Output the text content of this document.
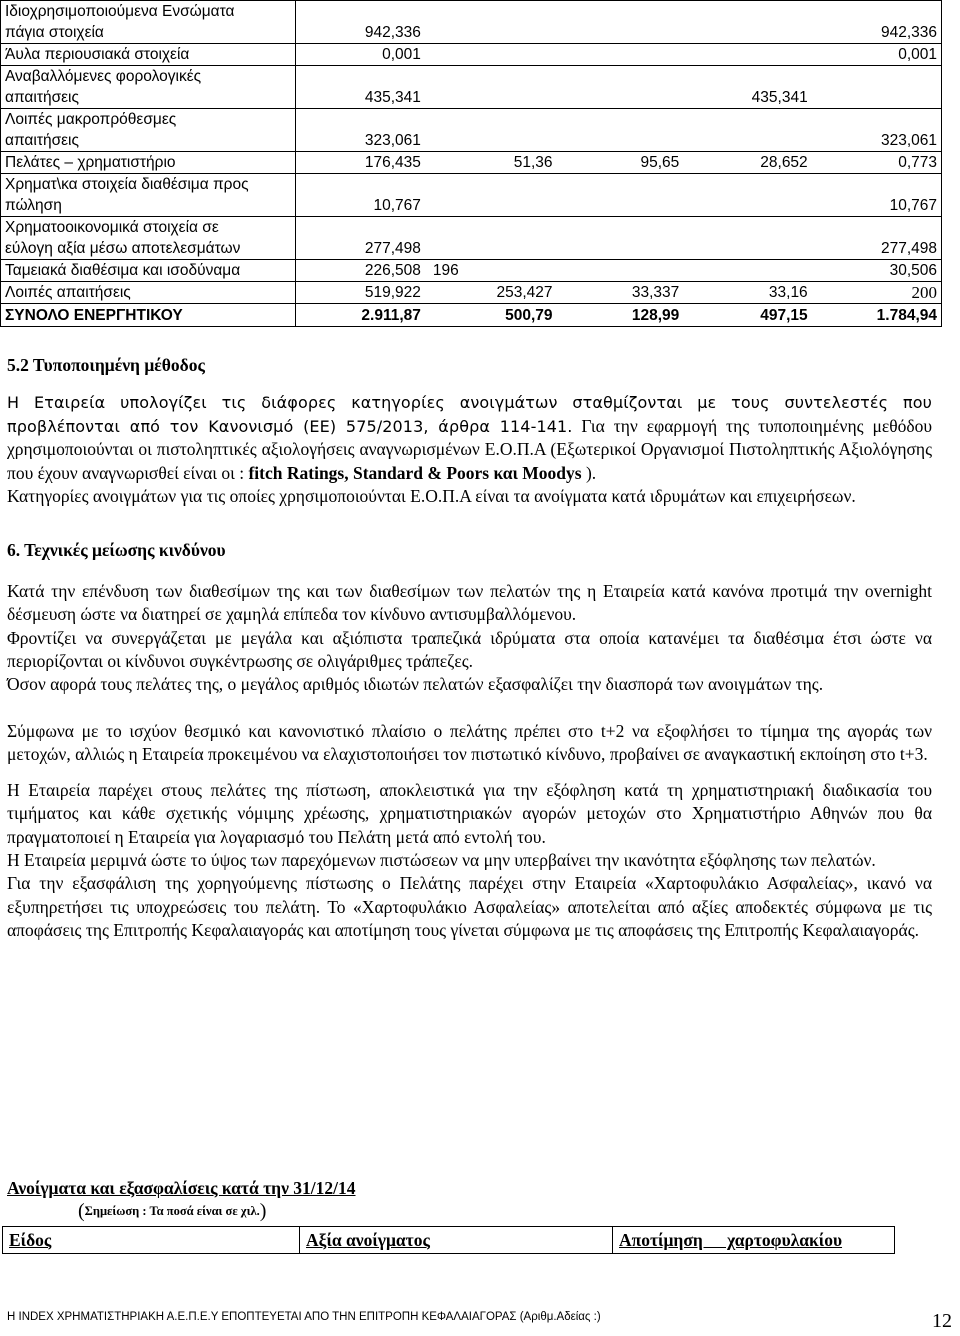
Ιδιοχρησιμοποιούμενα Ενσώματα
πάγια στοιχεία	942,336				942,336

Άυλα περιουσιακά στοιχεία	0,001				0,001

Αναβαλλόμενες φορολογικές
απαιτήσεις	435,341			435,341	

Λοιπές μακροπρόθεσμες
απαιτήσεις	323,061				323,061

Πελάτες – χρηματιστήριο	176,435	51,36	95,65	28,652	0,773

Χρηματ\κα στοιχεία διαθέσιμα προς
πώληση	10,767				10,767

Χρηματοοικονομικά στοιχεία σε
εύλογη αξία μέσω αποτελεσμάτων	277,498				277,498

Ταμειακά διαθέσιμα και ισοδύναμα	226,508	196			30,506

Λοιπές απαιτήσεις	519,922	253,427	33,337	33,16	200
ΣΥΝΟΛΟ ΕΝΕΡΓΗΤΙΚΟΥ	2.911,87	500,79	128,99	497,15	1.784,94
5.2 Τυποποιημένη μέθοδος

Η Εταιρεία υπολογίζει τις διάφορες κατηγορίες ανοιγμάτων σταθμίζονται με τους συντελεστές που προβλέπονται από τον Κανονισμό (ΕΕ) 575/2013, άρθρα 114-141. Για την εφαρμογή της τυποποιημένης μεθόδου χρησιμοποιούνται οι πιστοληπτικές αξιολογήσεις αναγνωρισμένων Ε.Ο.Π.Α (Εξωτερικοί Οργανισμοί Πιστοληπτικής Αξιολόγησης που έχουν αναγνωρισθεί είναι οι : fitch Ratings, Standard & Poors και Moodys ).

Κατηγορίες ανοιγμάτων για τις οποίες χρησιμοποιούνται Ε.Ο.Π.Α είναι τα ανοίγματα κατά ιδρυμάτων και επιχειρήσεων.

6. Τεχνικές μείωσης κινδύνου

Κατά την επένδυση των διαθεσίμων της και των διαθεσίμων των πελατών της η Εταιρεία κατά κανόνα προτιμά την overnight δέσμευση ώστε να διατηρεί σε χαμηλά επίπεδα τον κίνδυνο αντισυμβαλλόμενου.

Φροντίζει να συνεργάζεται με μεγάλα και αξιόπιστα τραπεζικά ιδρύματα στα οποία κατανέμει τα διαθέσιμα έτσι ώστε να περιορίζονται οι κίνδυνοι συγκέντρωσης σε ολιγάριθμες τράπεζες.

Όσον αφορά τους πελάτες της, ο μεγάλος αριθμός ιδιωτών πελατών εξασφαλίζει την διασπορά των ανοιγμάτων της.

Σύμφωνα με το ισχύον θεσμικό και κανονιστικό πλαίσιο ο πελάτης πρέπει στο t+2 να εξοφλήσει το τίμημα της αγοράς των μετοχών, αλλιώς η Εταιρεία προκειμένου να ελαχιστοποιήσει τον πιστωτικό κίνδυνο, προβαίνει σε αναγκαστική εκποίηση στο t+3.

Η Εταιρεία παρέχει στους πελάτες της πίστωση, αποκλειστικά για την εξόφληση κατά τη χρηματιστηριακή διαδικασία του τιμήματος και κάθε σχετικής νόμιμης χρέωσης, χρηματιστηριακών αγορών μετοχών στο Χρηματιστήριο Αθηνών που θα πραγματοποιεί η Εταιρεία για λογαριασμό του Πελάτη μετά από εντολή του.

Η Εταιρεία μεριμνά ώστε το ύψος των παρεχόμενων πιστώσεων να μην υπερβαίνει την ικανότητα εξόφλησης των πελατών.

Για την εξασφάλιση της χορηγούμενης πίστωσης ο Πελάτης παρέχει στην Εταιρεία «Χαρτοφυλάκιο Ασφαλείας», ικανό να εξυπηρετήσει τις υποχρεώσεις του πελάτη. Το «Χαρτοφυλάκιο Ασφαλείας» αποτελείται από αξίες αποδεκτές σύμφωνα με τις αποφάσεις της Επιτροπής Κεφαλαιαγοράς και αποτίμηση τους γίνεται σύμφωνα με τις αποφάσεις της Επιτροπής Κεφαλαιαγοράς.

Ανοίγματα και εξασφαλίσεις κατά την 31/12/14
(Σημείωση : Τα ποσά είναι σε χιλ.)
Είδος	Αξία ανοίγματος	Αποτίμηση χαρτοφυλακίου
Η INDEX ΧΡΗΜΑΤΙΣΤΗΡΙΑΚΗ Α.Ε.Π.Ε.Υ ΕΠΟΠΤΕΥΕΤΑΙ ΑΠΟ ΤΗΝ ΕΠΙΤΡΟΠΗ ΚΕΦΑΛΑΙΑΓΟΡΑΣ (Αριθμ.Αδείας :)	12
